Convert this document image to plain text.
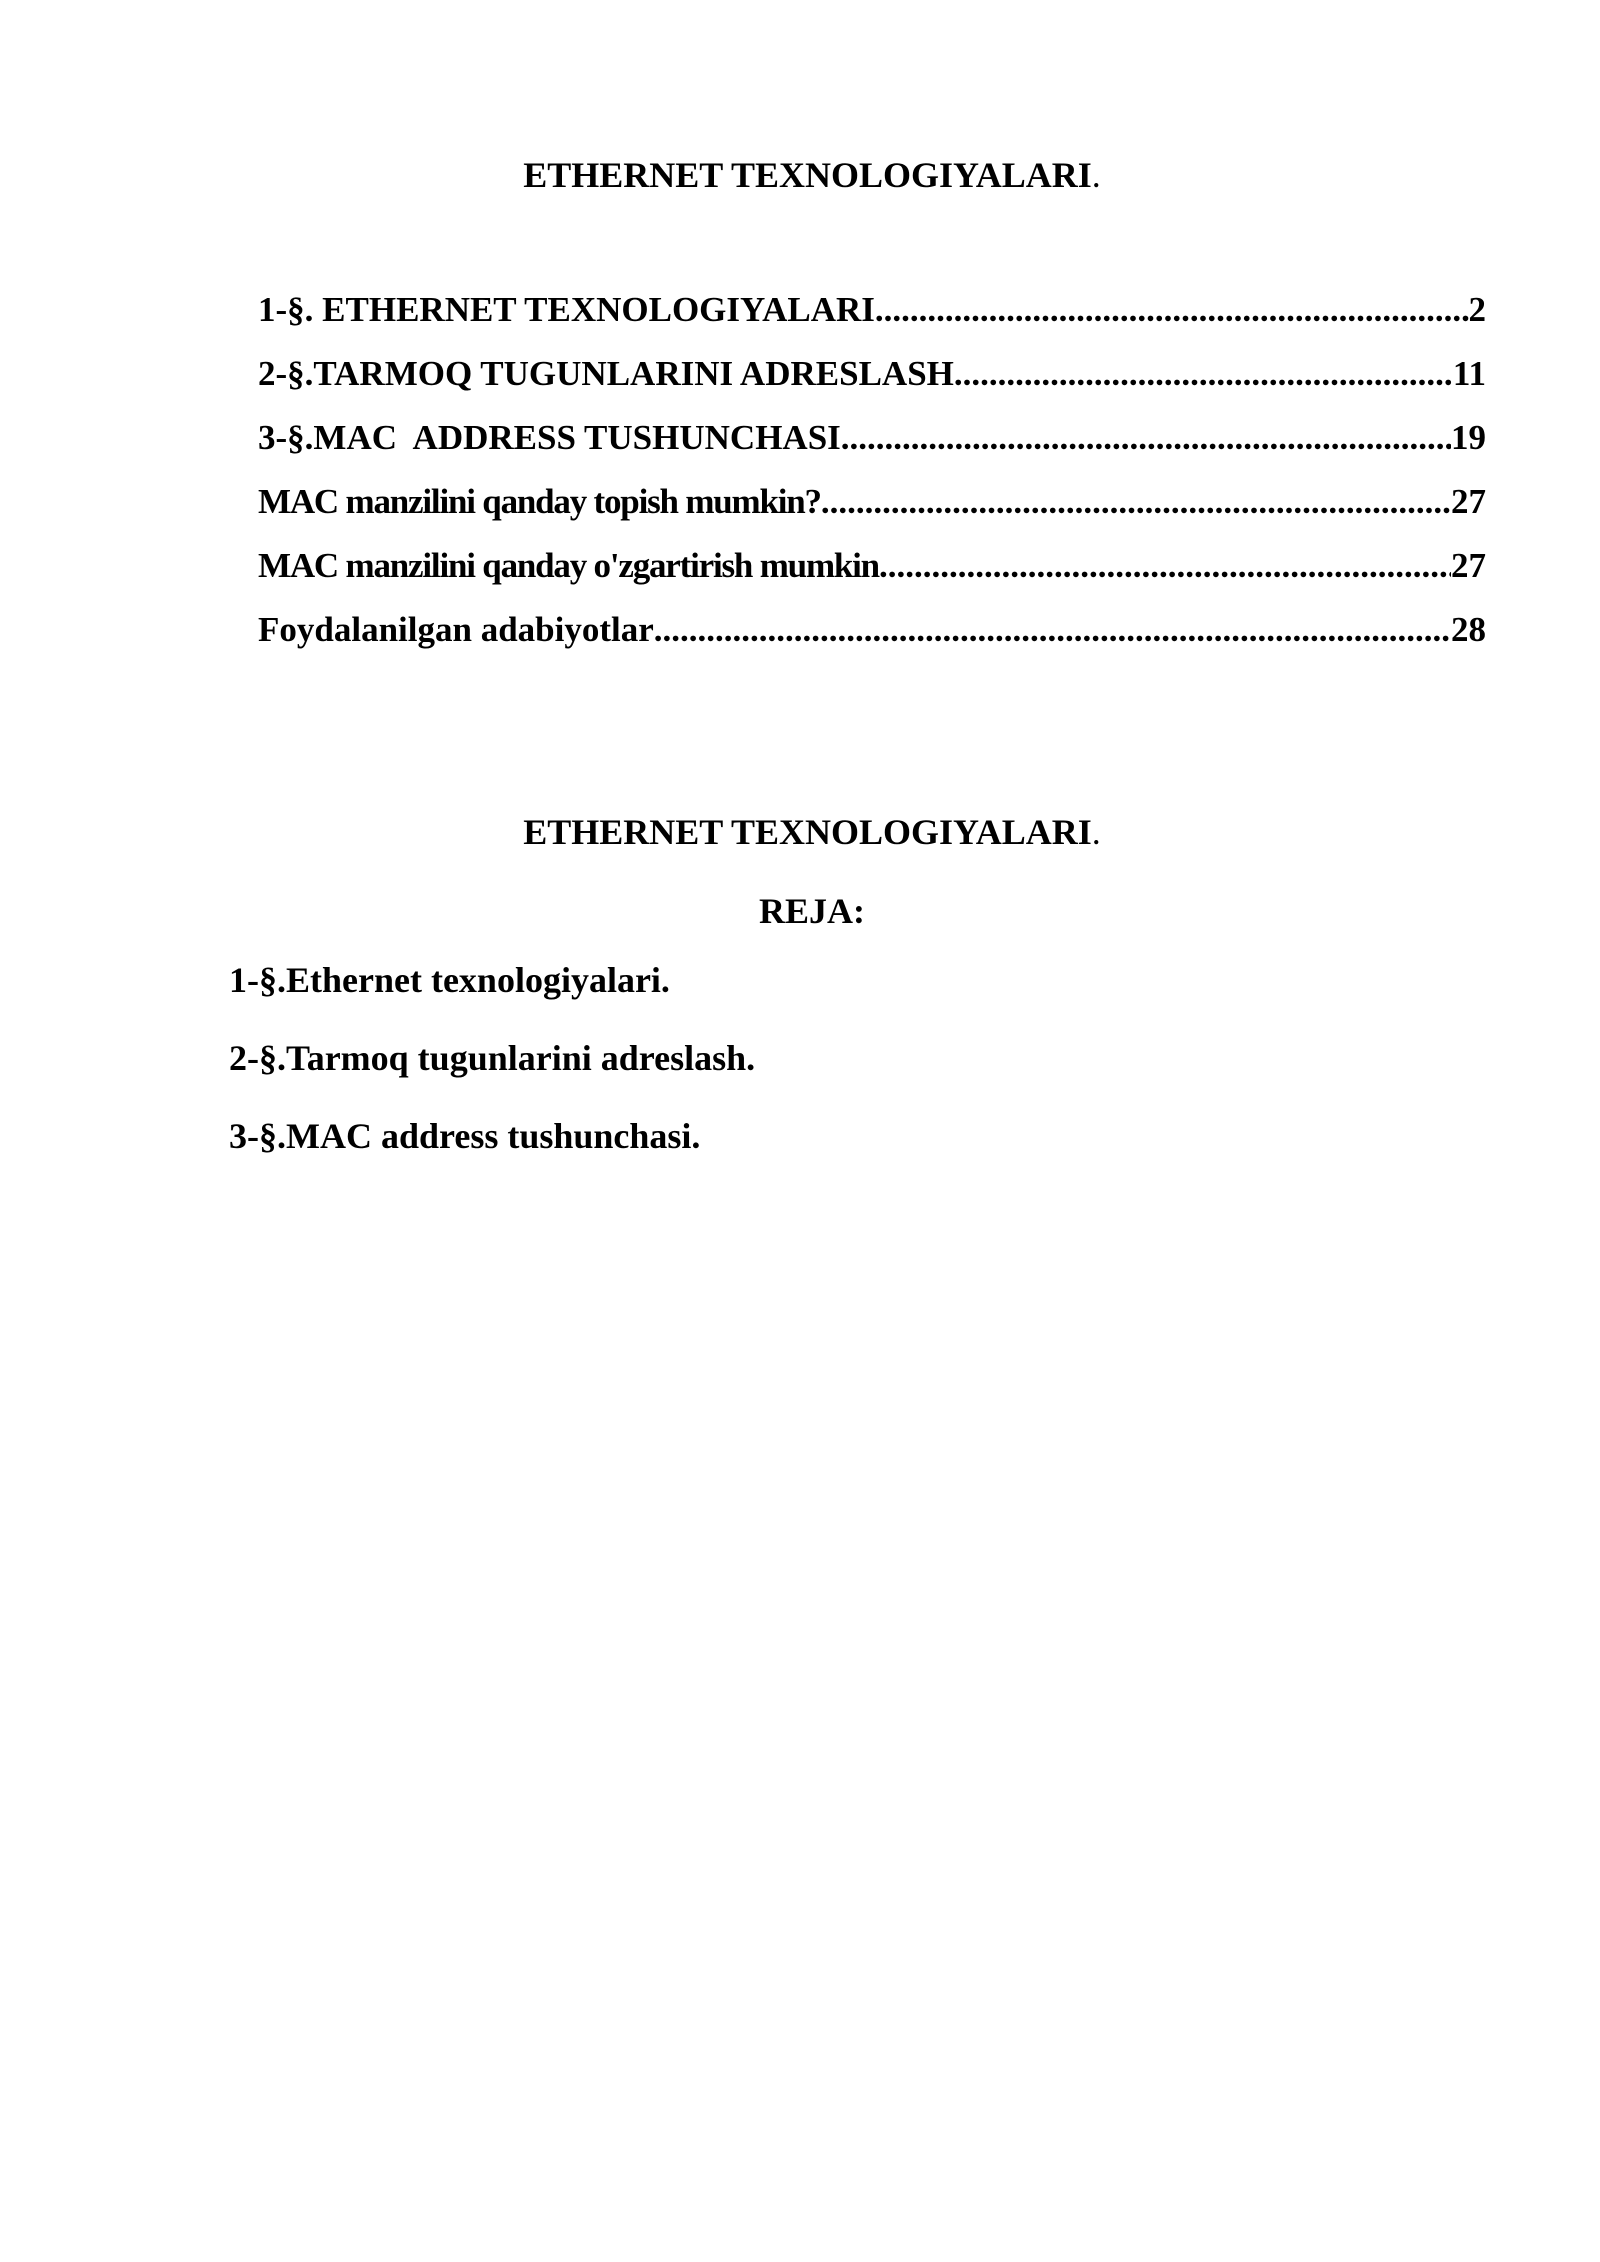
ETHERNET TEXNOLOGIYALARI.
1-§. ETHERNET TEXNOLOGIYALARI .....	2
2-§.TARMOQ TUGUNLARINI ADRESLASH .....	11
3-§.MAC  ADDRESS TUSHUNCHASI .....	19
MAC manzilini qanday topish mumkin? .....	27
MAC manzilini qanday o'zgartirish mumkin .....	27
Foydalanilgan adabiyotlar .....	28
ETHERNET TEXNOLOGIYALARI.
REJA:
1-§.Ethernet texnologiyalari.
2-§.Tarmoq tugunlarini adreslash.
3-§.MAC address tushunchasi.
